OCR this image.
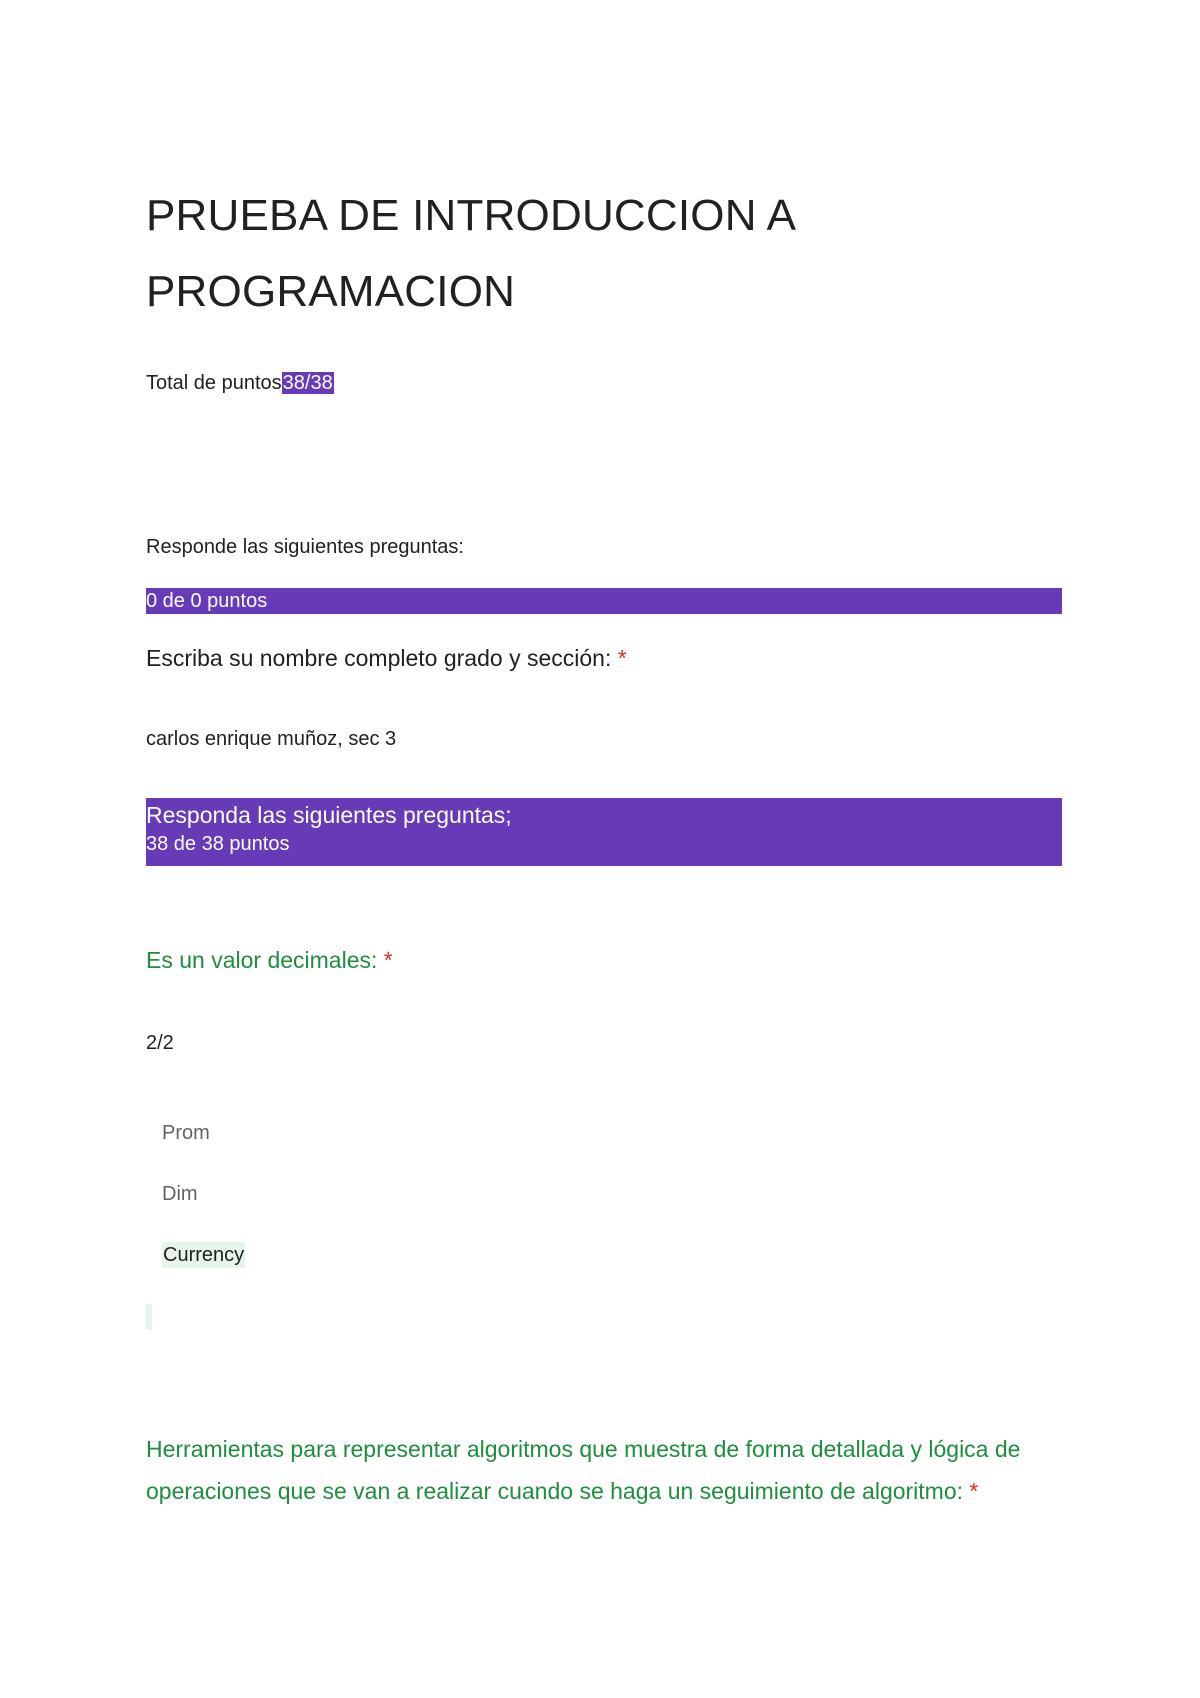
PRUEBA DE INTRODUCCION A PROGRAMACION
Total de puntos38/38
Responde las siguientes preguntas:
0 de 0 puntos
Escriba su nombre completo grado y sección: *
carlos enrique muñoz, sec 3
Responda las siguientes preguntas;
38 de 38 puntos
Es un valor decimales: *
2/2
Prom
Dim
Currency
Herramientas para representar algoritmos que muestra de forma detallada y lógica de operaciones que se van a realizar cuando se haga un seguimiento de algoritmo: *
